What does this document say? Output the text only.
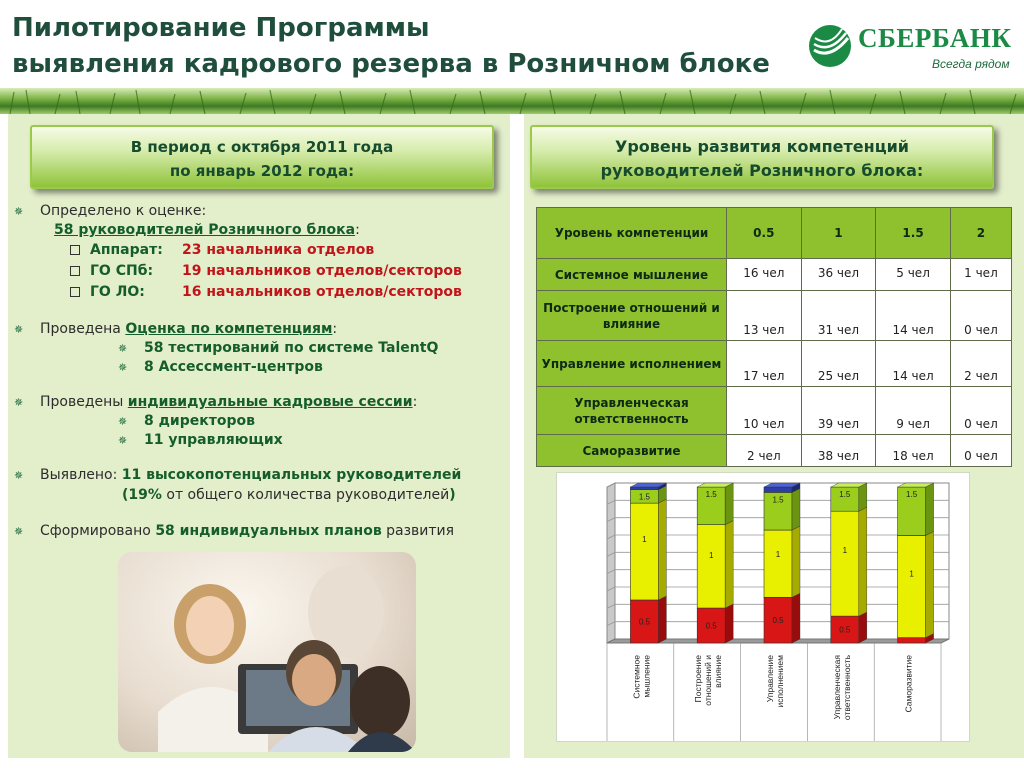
Пилотирование Программы
выявления кадрового резерва в Розничном блоке
СБЕРБАНК
Всегда рядом
В период с октября 2011 года
по январь 2012 года:
Уровень развития компетенций
руководителей Розничного блока:
✵ Определено к оценке:
58 руководителей Розничного блока:
Аппарат: 23 начальника отделов
ГО СПб: 19 начальников отделов/секторов
ГО ЛО:	16 начальников отделов/секторов
✵ Проведена Оценка по компетенциям:
✵ 58 тестирований по системе TalentQ
✵ 8 Ассессмент-центров
✵ Проведены индивидуальные кадровые сессии:
✵ 8 директоров
✵ 11 управляющих
✵ Выявлено: 11 высокопотенциальных руководителей
(19% от общего количества руководителей)
✵ Сформировано 58 индивидуальных планов развития
Уровень компетенции	0.5	1	1.5	2
Системное мышление	16 чел	36 чел	5 чел	1 чел
Построение отношений и влияние	13 чел	31 чел	14 чел	0 чел
Управление исполнением	17 чел	25 чел	14 чел	2 чел
Управленческая ответственность	10 чел	39 чел	9 чел	0 чел
Саморазвитие	2 чел	38 чел	18 чел	0 чел
0.5
1
1.5
Системное мышление
0.5
1
1.5
Построение отношений и влияние
0.5
1
1.5
Управление исполнением
0.5
1
1.5
Управленческая ответственность
1
1.5
Саморазвитие
